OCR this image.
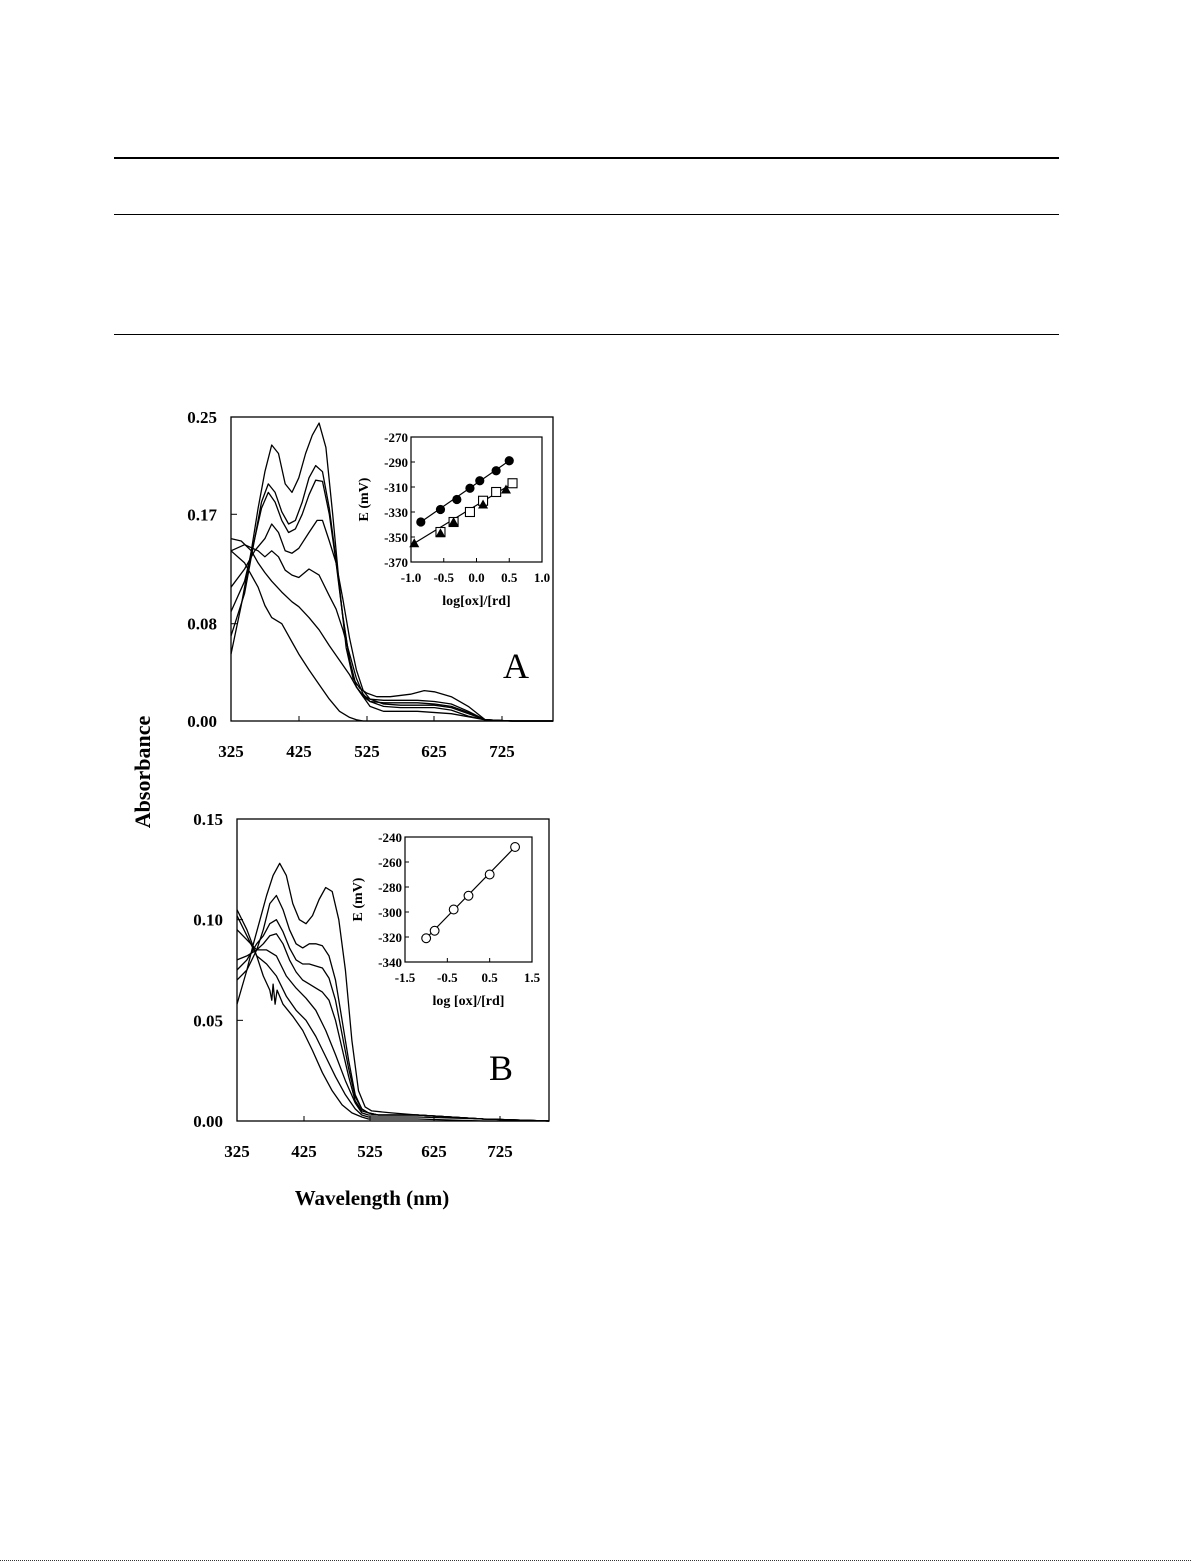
Absorbance
Wavelength (nm)
0.00
0.08
0.17
0.25
325	425	525 625	725
A
-270
-290
-310
-330
-350
-370
-1.0 -0.5 0.0 0.5 1.0
log[ox]/[rd]
E (mV)
0.00
0.05
0.10
0.15
325 425 525 625 725
B
-240
-260
-280
-300
-320
-340
-1.5 -0.5 0.5 1.5
log [ox]/[rd]
E (mV)
